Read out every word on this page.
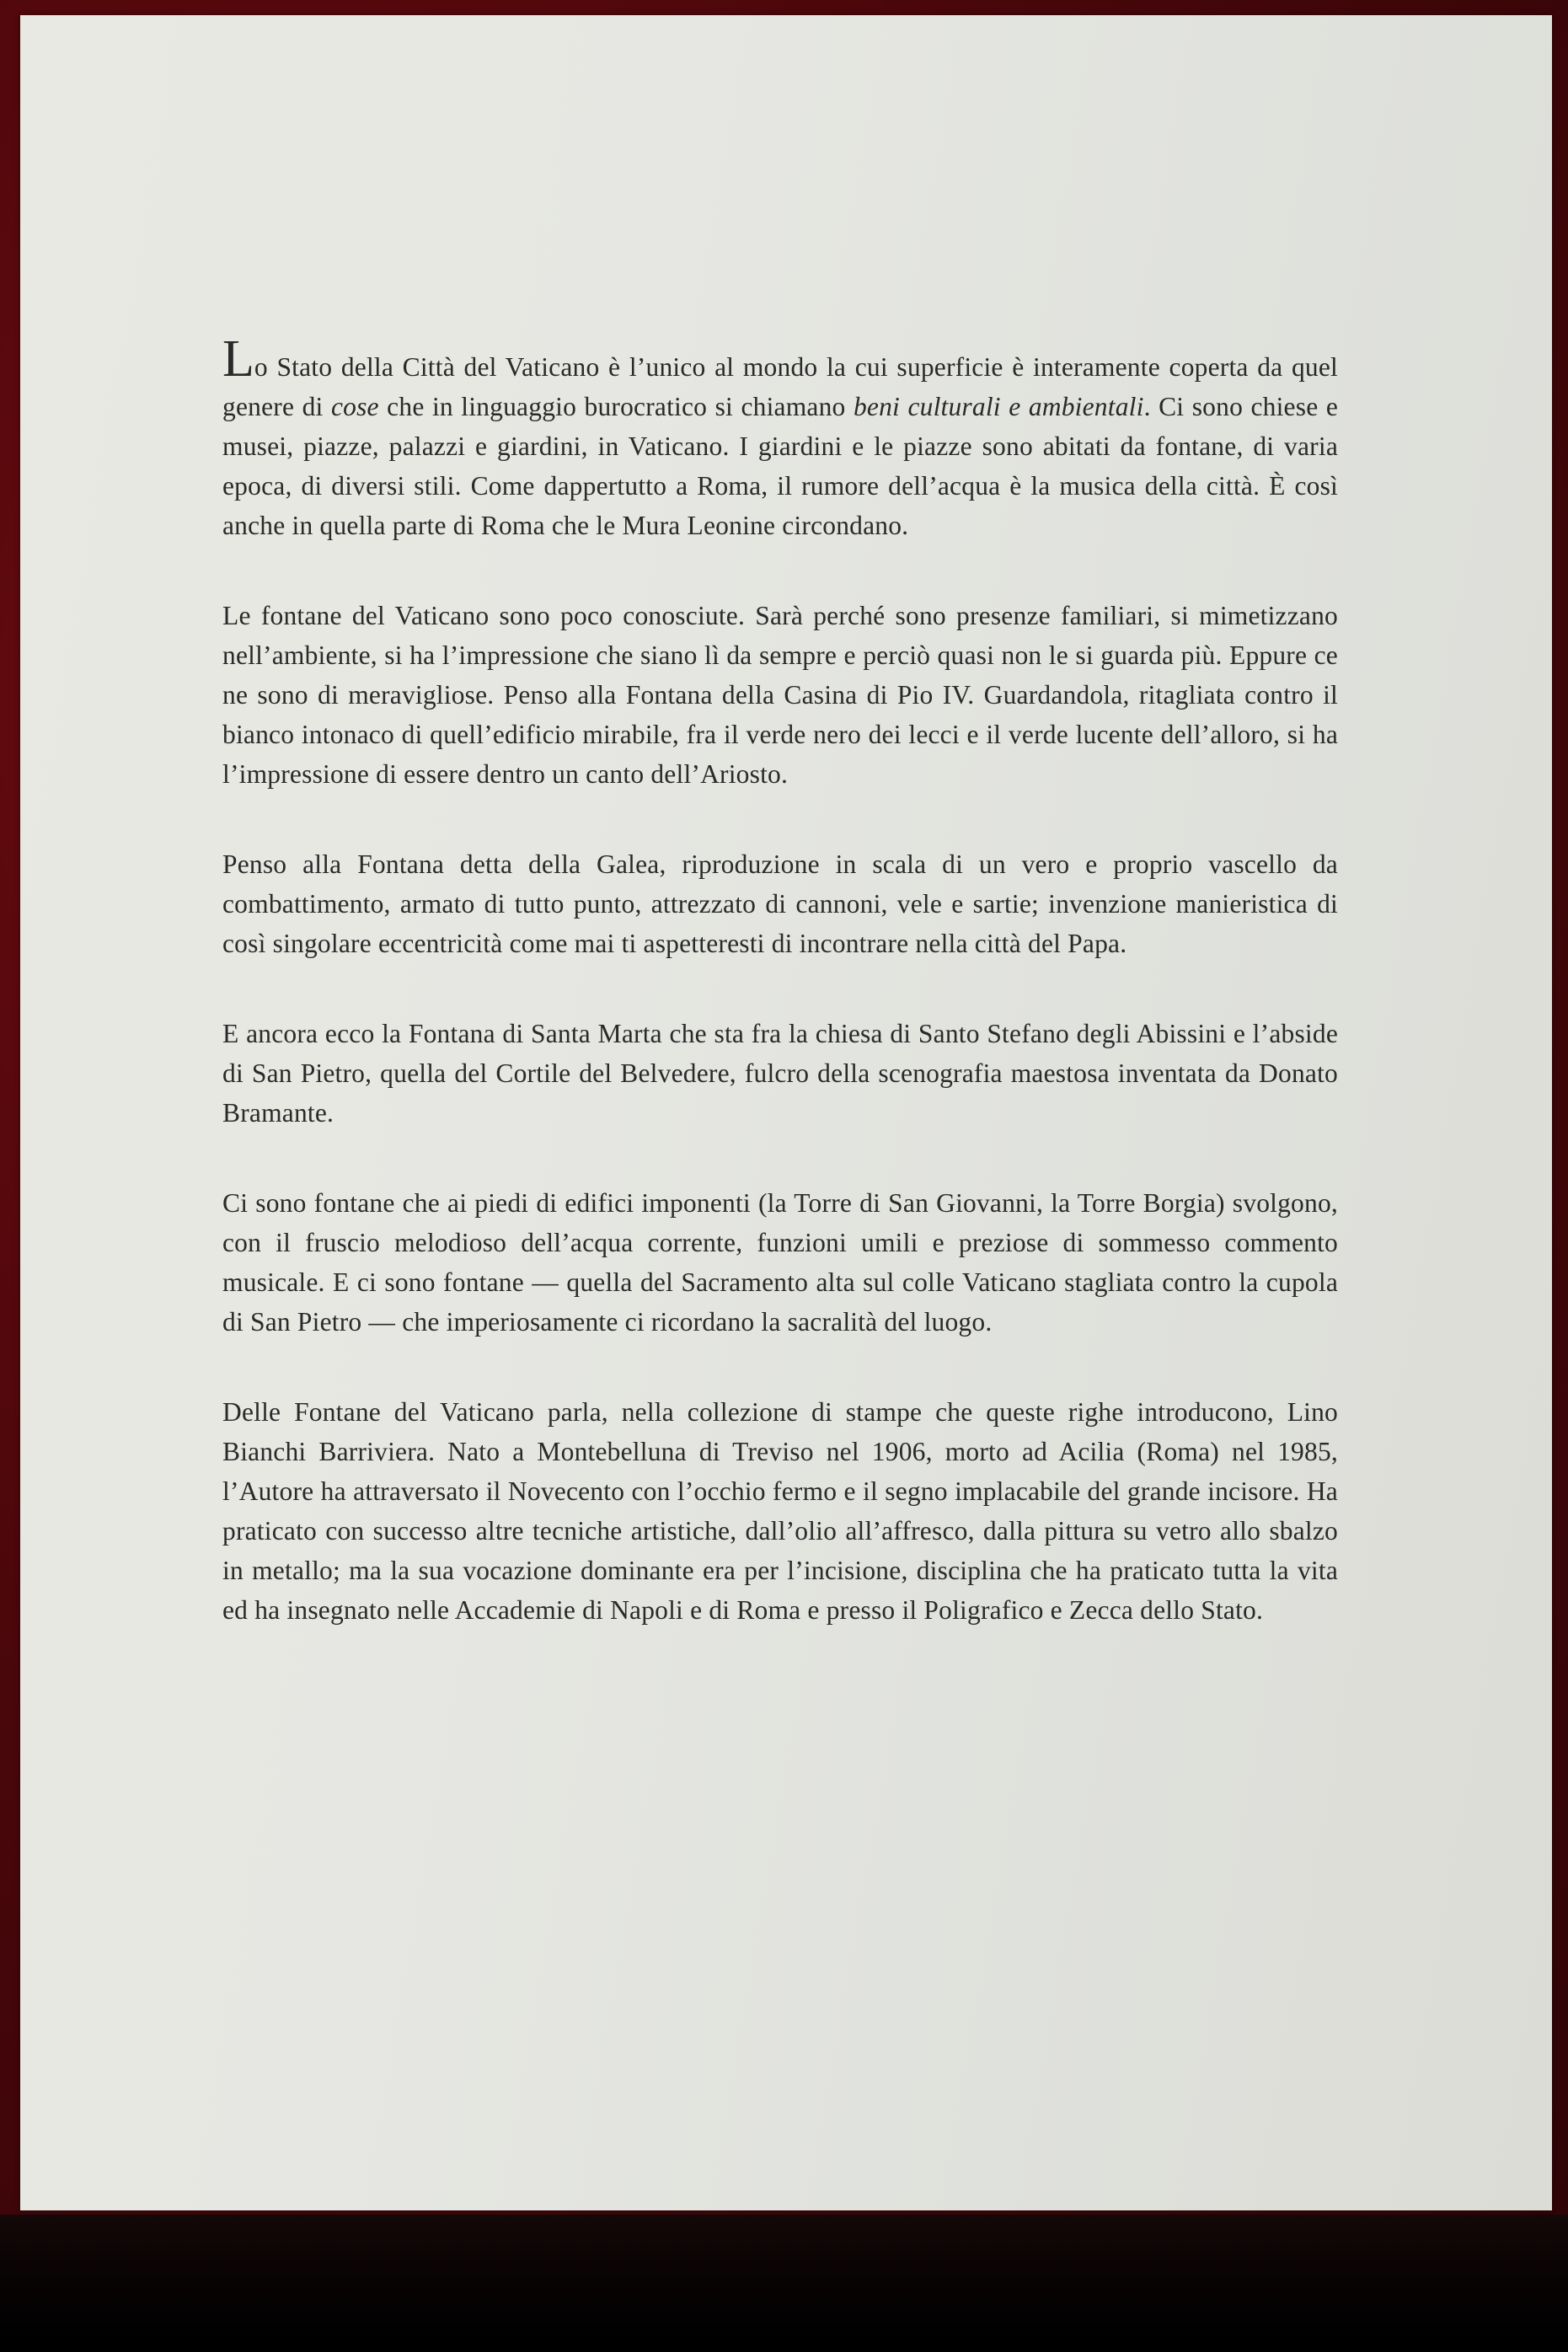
Lo Stato della Città del Vaticano è l’unico al mondo la cui superficie è interamente coperta da quel genere di cose che in linguaggio burocratico si chiamano beni culturali e ambientali. Ci sono chiese e musei, piazze, palazzi e giardini, in Vaticano. I giardini e le piazze sono abitati da fontane, di varia epoca, di diversi stili. Come dappertutto a Roma, il rumore dell’acqua è la musica della città. È così anche in quella parte di Roma che le Mura Leonine circondano.

Le fontane del Vaticano sono poco conosciute. Sarà perché sono presenze familiari, si mimetizzano nell’ambiente, si ha l’impressione che siano lì da sempre e perciò quasi non le si guarda più. Eppure ce ne sono di meravigliose. Penso alla Fontana della Casina di Pio IV. Guardandola, ritagliata contro il bianco intonaco di quell’edificio mirabile, fra il verde nero dei lecci e il verde lucente dell’alloro, si ha l’impressione di essere dentro un canto dell’Ariosto.

Penso alla Fontana detta della Galea, riproduzione in scala di un vero e proprio vascello da combattimento, armato di tutto punto, attrezzato di cannoni, vele e sartie; invenzione manieristica di così singolare eccentricità come mai ti aspetteresti di incontrare nella città del Papa.

E ancora ecco la Fontana di Santa Marta che sta fra la chiesa di Santo Stefano degli Abissini e l’abside di San Pietro, quella del Cortile del Belvedere, fulcro della scenografia maestosa inventata da Donato Bramante.

Ci sono fontane che ai piedi di edifici imponenti (la Torre di San Giovanni, la Torre Borgia) svolgono, con il fruscio melodioso dell’acqua corrente, funzioni umili e preziose di sommesso commento musicale. E ci sono fontane — quella del Sacramento alta sul colle Vaticano stagliata contro la cupola di San Pietro — che imperiosamente ci ricordano la sacralità del luogo.

Delle Fontane del Vaticano parla, nella collezione di stampe che queste righe introducono, Lino Bianchi Barriviera. Nato a Montebelluna di Treviso nel 1906, morto ad Acilia (Roma) nel 1985, l’Autore ha attraversato il Novecento con l’occhio fermo e il segno implacabile del grande incisore. Ha praticato con successo altre tecniche artistiche, dall’olio all’affresco, dalla pittura su vetro allo sbalzo in metallo; ma la sua vocazione dominante era per l’incisione, disciplina che ha praticato tutta la vita ed ha insegnato nelle Accademie di Napoli e di Roma e presso il Poligrafico e Zecca dello Stato.
